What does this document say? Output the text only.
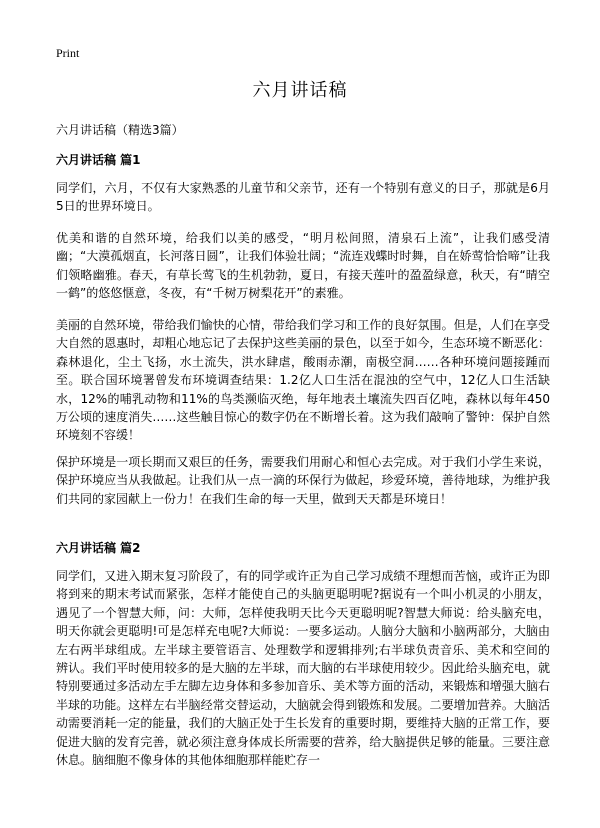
Print
六月讲话稿
六月讲话稿（精选3篇）
六月讲话稿 篇1
同学们，六月，不仅有大家熟悉的儿童节和父亲节，还有一个特别有意义的日子，那就是6月5日的世界环境日。
优美和谐的自然环境，给我们以美的感受，“明月松间照，清泉石上流”，让我们感受清幽；“大漠孤烟直，长河落日圆”，让我们体验壮阔；“流连戏蝶时时舞，自在娇莺恰恰啼”让我们领略幽雅。春天，有草长莺飞的生机勃勃，夏日，有接天莲叶的盈盈绿意，秋天，有“晴空一鹤”的悠悠惬意，冬夜，有“千树万树梨花开”的素雅。
美丽的自然环境，带给我们愉快的心情，带给我们学习和工作的良好氛围。但是，人们在享受大自然的恩惠时，却粗心地忘记了去保护这些美丽的景色，以至于如今，生态环境不断恶化：森林退化，尘土飞扬，水土流失，洪水肆虐，酸雨赤潮，南极空洞……各种环境问题接踵而至。联合国环境署曾发布环境调查结果：1.2亿人口生活在混浊的空气中，12亿人口生活缺水，12%的哺乳动物和11%的鸟类濒临灭绝，每年地表土壤流失四百亿吨，森林以每年450万公顷的速度消失……这些触目惊心的数字仍在不断增长着。这为我们敲响了警钟：保护自然环境刻不容缓！
保护环境是一项长期而又艰巨的任务，需要我们用耐心和恒心去完成。对于我们小学生来说，保护环境应当从我做起。让我们从一点一滴的环保行为做起，珍爱环境，善待地球，为维护我们共同的家园献上一份力！在我们生命的每一天里，做到天天都是环境日！
六月讲话稿 篇2
同学们，又进入期末复习阶段了，有的同学或许正为自己学习成绩不理想而苦恼，或许正为即将到来的期末考试而紧张，怎样才能使自己的头脑更聪明呢?据说有一个叫小机灵的小朋友，遇见了一个智慧大师，问：大师，怎样使我明天比今天更聪明呢?智慧大师说：给头脑充电，明天你就会更聪明!可是怎样充电呢?大师说：一要多运动。人脑分大脑和小脑两部分，大脑由左右两半球组成。左半球主要管语言、处理数学和逻辑排列;右半球负责音乐、美术和空间的辨认。我们平时使用较多的是大脑的左半球，而大脑的右半球使用较少。因此给头脑充电，就特别要通过多活动左手左脚左边身体和多参加音乐、美术等方面的活动，来锻炼和增强大脑右半球的功能。这样左右半脑经常交替运动，大脑就会得到锻炼和发展。二要增加营养。大脑活动需要消耗一定的能量，我们的大脑正处于生长发育的重要时期，要维持大脑的正常工作，要促进大脑的发育完善，就必须注意身体成长所需要的营养，给大脑提供足够的能量。三要注意休息。脑细胞不像身体的其他体细胞那样能贮存一
